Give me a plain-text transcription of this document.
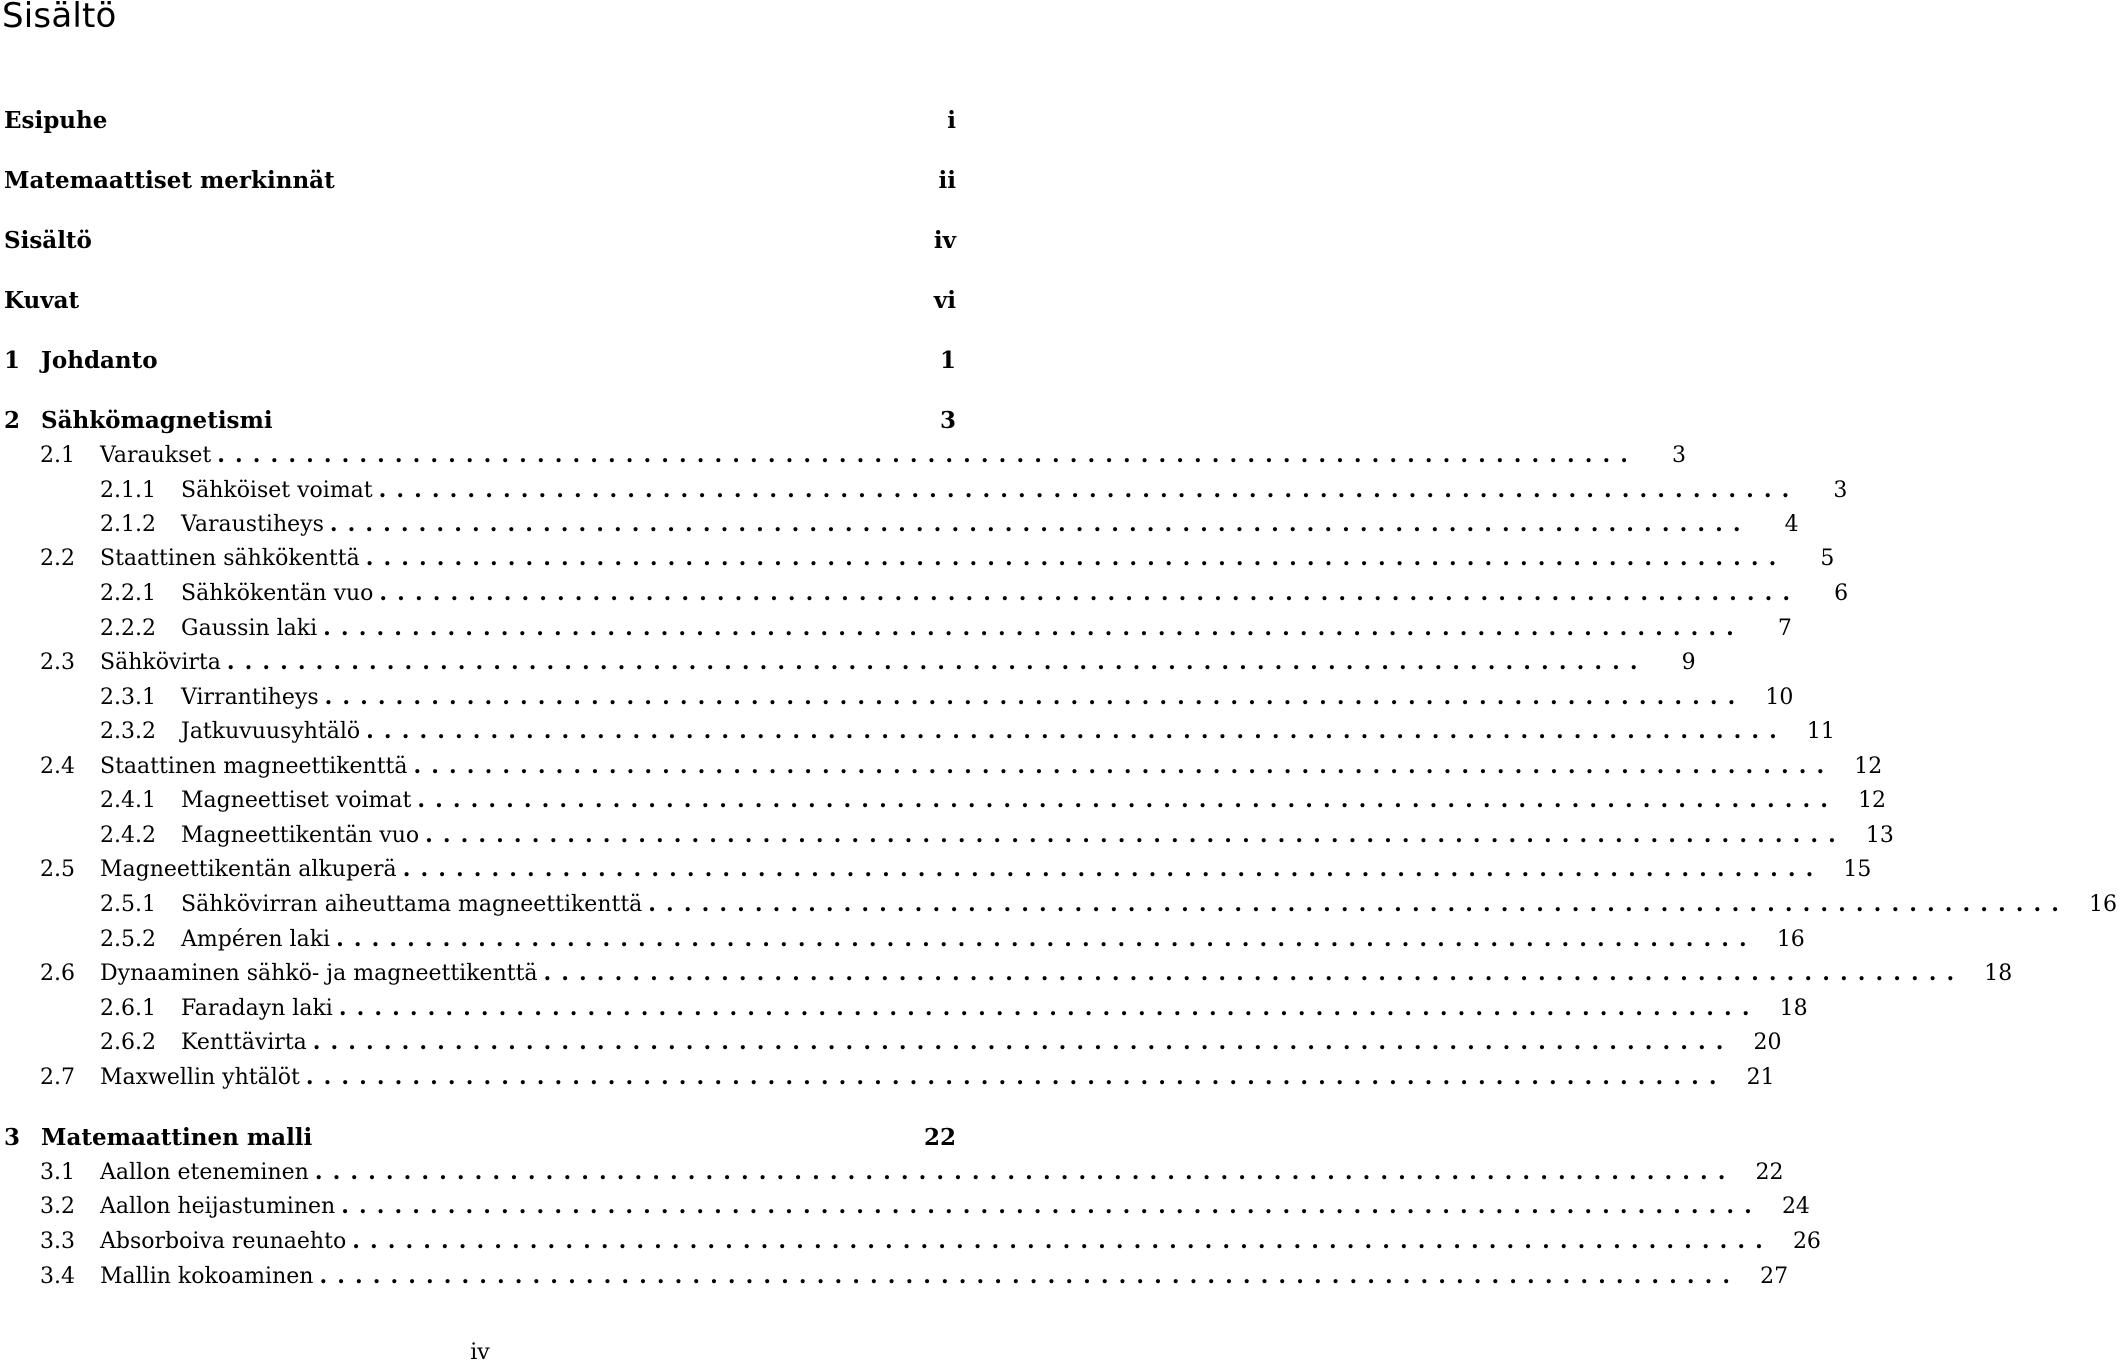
Sisältö
Esipuhe	i
Matemaattiset merkinnät	ii
Sisältö	iv
Kuvat	vi
1 Johdanto	1
2 Sähkömagnetismi	3
2.1	Varaukset ................................................................................	3
2.1.1	Sähköiset voimat ................................................................................	3
2.1.2	Varaustiheys ................................................................................	4
2.2	Staattinen sähkökenttä ................................................................................	5
2.2.1	Sähkökentän vuo ................................................................................	6
2.2.2	Gaussin laki ................................................................................	7
2.3	Sähkövirta ................................................................................	9
2.3.1	Virrantiheys ................................................................................ 10
2.3.2	Jatkuvuusyhtälö ................................................................................ 11
2.4	Staattinen magneettikenttä ................................................................................ 12
2.4.1	Magneettiset voimat ................................................................................ 12
2.4.2	Magneettikentän vuo ................................................................................ 13
2.5	Magneettikentän alkuperä ................................................................................ 15
2.5.1	Sähkövirran aiheuttama magneettikenttä ................................................................................ 16
2.5.2	Ampéren laki ................................................................................ 16
2.6	Dynaaminen sähkö- ja magneettikenttä ................................................................................ 18
2.6.1	Faradayn laki ................................................................................ 18
2.6.2	Kenttävirta ................................................................................ 20
2.7	Maxwellin yhtälöt ................................................................................ 21
3 Matemaattinen malli	22
3.1	Aallon eteneminen ................................................................................ 22
3.2	Aallon heijastuminen ................................................................................ 24
3.3	Absorboiva reunaehto ................................................................................ 26
3.4	Mallin kokoaminen ................................................................................ 27
iv
